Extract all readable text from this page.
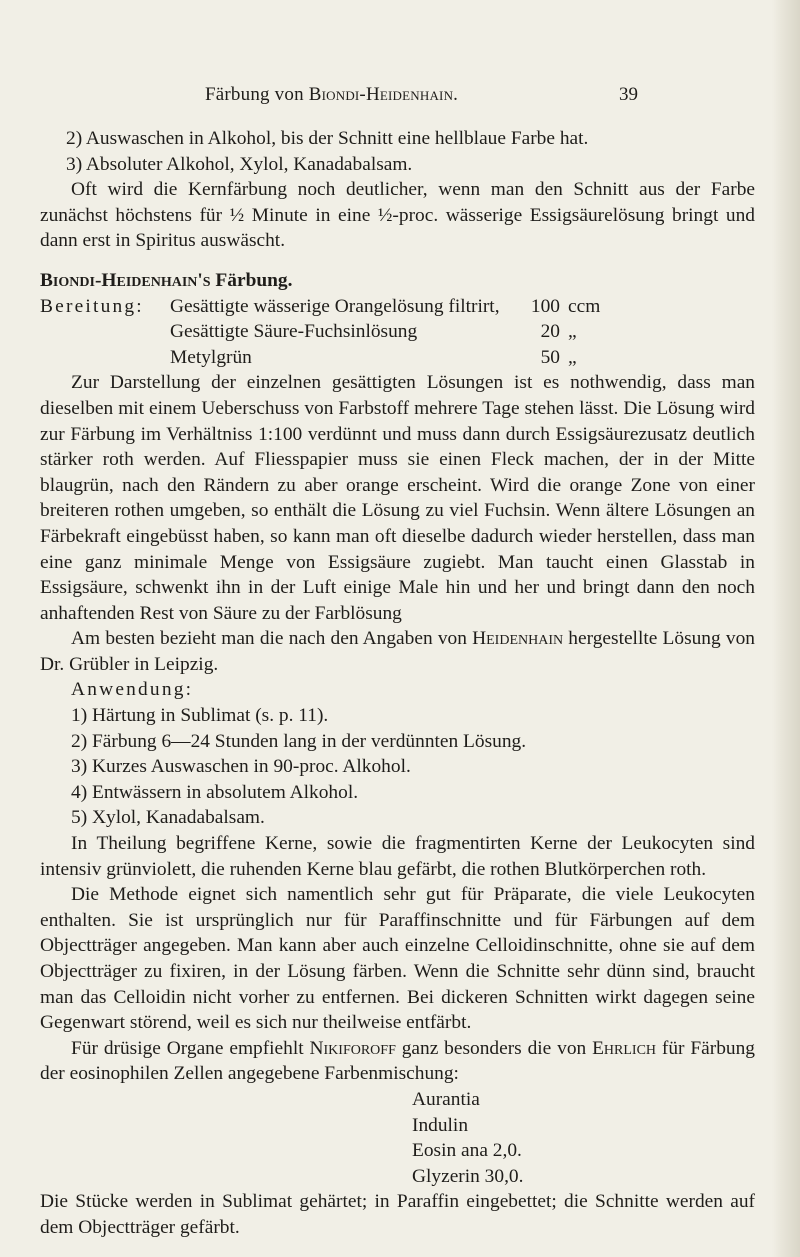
Färbung von Biondi-Heidenhain.	39

2) Auswaschen in Alkohol, bis der Schnitt eine hellblaue Farbe hat.

3) Absoluter Alkohol, Xylol, Kanadabalsam.

Oft wird die Kernfärbung noch deutlicher, wenn man den Schnitt aus der Farbe zunächst höchstens für ½ Minute in eine ½-proc. wässerige Essigsäurelösung bringt und dann erst in Spiritus auswäscht.

Biondi-Heidenhain's Färbung.

Bereitung: Gesättigte wässerige Orangelösung filtrirt,	100 ccm
Gesättigte Säure-Fuchsinlösung	20 „
Metylgrün	50 „

Zur Darstellung der einzelnen gesättigten Lösungen ist es nothwendig, dass man dieselben mit einem Ueberschuss von Farbstoff mehrere Tage stehen lässt. Die Lösung wird zur Färbung im Verhältniss 1:100 verdünnt und muss dann durch Essigsäurezusatz deutlich stärker roth werden. Auf Fliesspapier muss sie einen Fleck machen, der in der Mitte blaugrün, nach den Rändern zu aber orange erscheint. Wird die orange Zone von einer breiteren rothen umgeben, so enthält die Lösung zu viel Fuchsin. Wenn ältere Lösungen an Färbekraft eingebüsst haben, so kann man oft dieselbe dadurch wieder herstellen, dass man eine ganz minimale Menge von Essigsäure zugiebt. Man taucht einen Glasstab in Essigsäure, schwenkt ihn in der Luft einige Male hin und her und bringt dann den noch anhaftenden Rest von Säure zu der Farblösung

Am besten bezieht man die nach den Angaben von Heidenhain hergestellte Lösung von Dr. Grübler in Leipzig.

Anwendung:

1) Härtung in Sublimat (s. p. 11).

2) Färbung 6—24 Stunden lang in der verdünnten Lösung.

3) Kurzes Auswaschen in 90-proc. Alkohol.

4) Entwässern in absolutem Alkohol.

5) Xylol, Kanadabalsam.

In Theilung begriffene Kerne, sowie die fragmentirten Kerne der Leukocyten sind intensiv grünviolett, die ruhenden Kerne blau gefärbt, die rothen Blutkörperchen roth.

Die Methode eignet sich namentlich sehr gut für Präparate, die viele Leukocyten enthalten. Sie ist ursprünglich nur für Paraffinschnitte und für Färbungen auf dem Objectträger angegeben. Man kann aber auch einzelne Celloidinschnitte, ohne sie auf dem Objectträger zu fixiren, in der Lösung färben. Wenn die Schnitte sehr dünn sind, braucht man das Celloidin nicht vorher zu entfernen. Bei dickeren Schnitten wirkt dagegen seine Gegenwart störend, weil es sich nur theilweise entfärbt.

Für drüsige Organe empfiehlt Nikiforoff ganz besonders die von Ehrlich für Färbung der eosinophilen Zellen angegebene Farbenmischung:

Aurantia

Indulin

Eosin ana 2,0.

Glyzerin 30,0.

Die Stücke werden in Sublimat gehärtet; in Paraffin eingebettet; die Schnitte werden auf dem Objectträger gefärbt.
